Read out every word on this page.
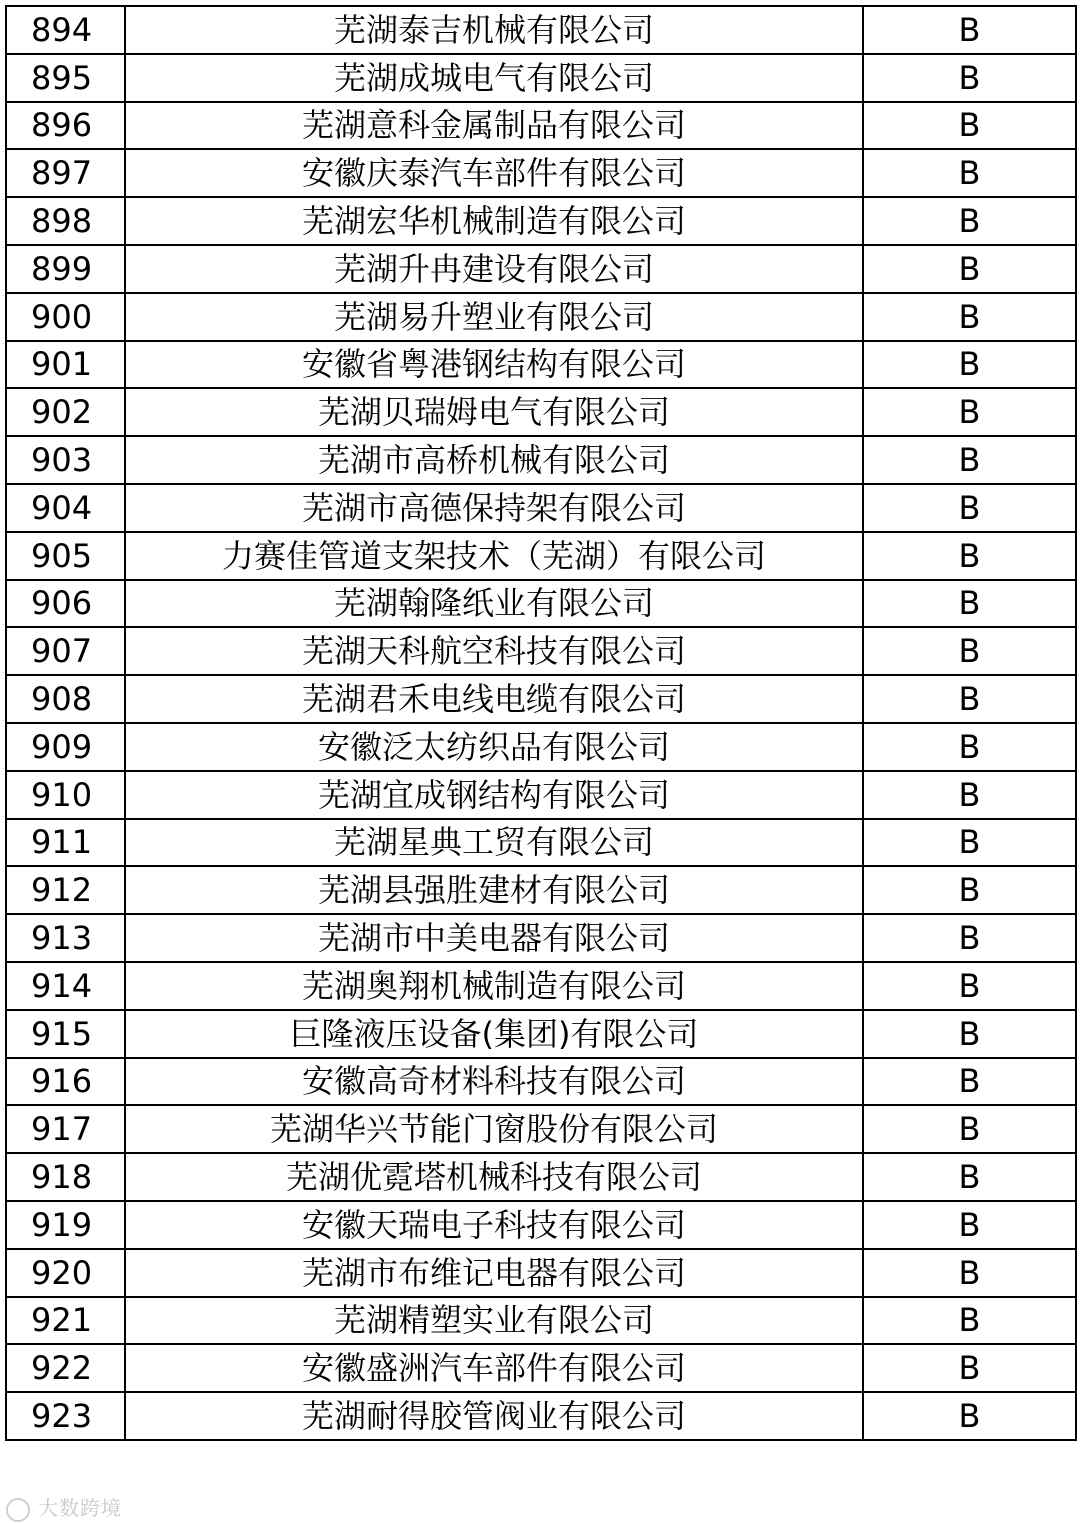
894	芜湖泰吉机械有限公司	B
895	芜湖成城电气有限公司	B
896	芜湖意科金属制品有限公司	B
897	安徽庆泰汽车部件有限公司	B
898	芜湖宏华机械制造有限公司	B
899	芜湖升冉建设有限公司	B
900	芜湖易升塑业有限公司	B
901	安徽省粤港钢结构有限公司	B
902	芜湖贝瑞姆电气有限公司	B
903	芜湖市高桥机械有限公司	B
904	芜湖市高德保持架有限公司	B
905	力赛佳管道支架技术（芜湖）有限公司	B
906	芜湖翰隆纸业有限公司	B
907	芜湖天科航空科技有限公司	B
908	芜湖君禾电线电缆有限公司	B
909	安徽泛太纺织品有限公司	B
910	芜湖宜成钢结构有限公司	B
911	芜湖星典工贸有限公司	B
912	芜湖县强胜建材有限公司	B
913	芜湖市中美电器有限公司	B
914	芜湖奥翔机械制造有限公司	B
915	巨隆液压设备(集团)有限公司	B
916	安徽高奇材料科技有限公司	B
917	芜湖华兴节能门窗股份有限公司	B
918	芜湖优霓塔机械科技有限公司	B
919	安徽天瑞电子科技有限公司	B
920	芜湖市布维记电器有限公司	B
921	芜湖精塑实业有限公司	B
922	安徽盛洲汽车部件有限公司	B
923	芜湖耐得胶管阀业有限公司	B
大数跨境
